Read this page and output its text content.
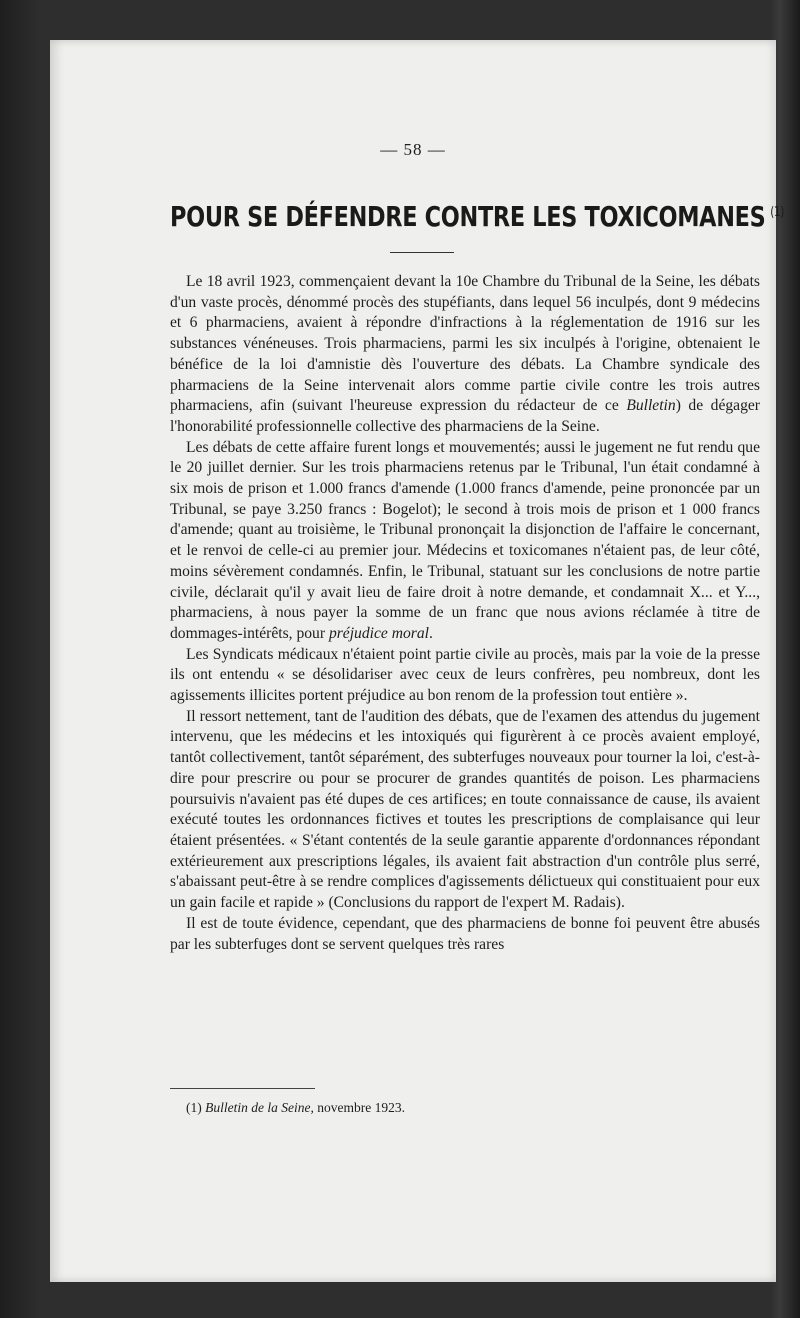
— 58 —
POUR SE DÉFENDRE CONTRE LES TOXICOMANES $^{(1)}$

Le 18 avril 1923, commençaient devant la 10e Chambre du Tribunal de la Seine, les débats d'un vaste procès, dénommé procès des stupéfiants, dans lequel 56 inculpés, dont 9 médecins et 6 pharmaciens, avaient à répondre d'infractions à la réglementation de 1916 sur les substances vénéneuses. Trois pharmaciens, parmi les six inculpés à l'origine, obtenaient le bénéfice de la loi d'amnistie dès l'ouverture des débats. La Chambre syndicale des pharmaciens de la Seine intervenait alors comme partie civile contre les trois autres pharmaciens, afin (suivant l'heureuse expression du rédacteur de ce Bulletin) de dégager l'honorabilité professionnelle collective des pharmaciens de la Seine.

Les débats de cette affaire furent longs et mouvementés; aussi le jugement ne fut rendu que le 20 juillet dernier. Sur les trois pharmaciens retenus par le Tribunal, l'un était condamné à six mois de prison et 1.000 francs d'amende (1.000 francs d'amende, peine prononcée par un Tribunal, se paye 3.250 francs : Bogelot); le second à trois mois de prison et 1 000 francs d'amende; quant au troisième, le Tribunal prononçait la disjonction de l'affaire le concernant, et le renvoi de celle-ci au premier jour. Médecins et toxicomanes n'étaient pas, de leur côté, moins sévèrement condamnés. Enfin, le Tribunal, statuant sur les conclusions de notre partie civile, déclarait qu'il y avait lieu de faire droit à notre demande, et condamnait X... et Y..., pharmaciens, à nous payer la somme de un franc que nous avions réclamée à titre de dommages-intérêts, pour préjudice moral.

Les Syndicats médicaux n'étaient point partie civile au procès, mais par la voie de la presse ils ont entendu « se désolidariser avec ceux de leurs confrères, peu nombreux, dont les agissements illicites portent préjudice au bon renom de la profession tout entière ».

Il ressort nettement, tant de l'audition des débats, que de l'examen des attendus du jugement intervenu, que les médecins et les intoxiqués qui figurèrent à ce procès avaient employé, tantôt collectivement, tantôt séparément, des subterfuges nouveaux pour tourner la loi, c'est-à-dire pour prescrire ou pour se procurer de grandes quantités de poison. Les pharmaciens poursuivis n'avaient pas été dupes de ces artifices; en toute connaissance de cause, ils avaient exécuté toutes les ordonnances fictives et toutes les prescriptions de complaisance qui leur étaient présentées. « S'étant contentés de la seule garantie apparente d'ordonnances répondant extérieurement aux prescriptions légales, ils avaient fait abstraction d'un contrôle plus serré, s'abaissant peut-être à se rendre complices d'agissements délictueux qui constituaient pour eux un gain facile et rapide » (Conclusions du rapport de l'expert M. Radais).

Il est de toute évidence, cependant, que des pharmaciens de bonne foi peuvent être abusés par les subterfuges dont se servent quelques très rares

(1) Bulletin de la Seine, novembre 1923.
